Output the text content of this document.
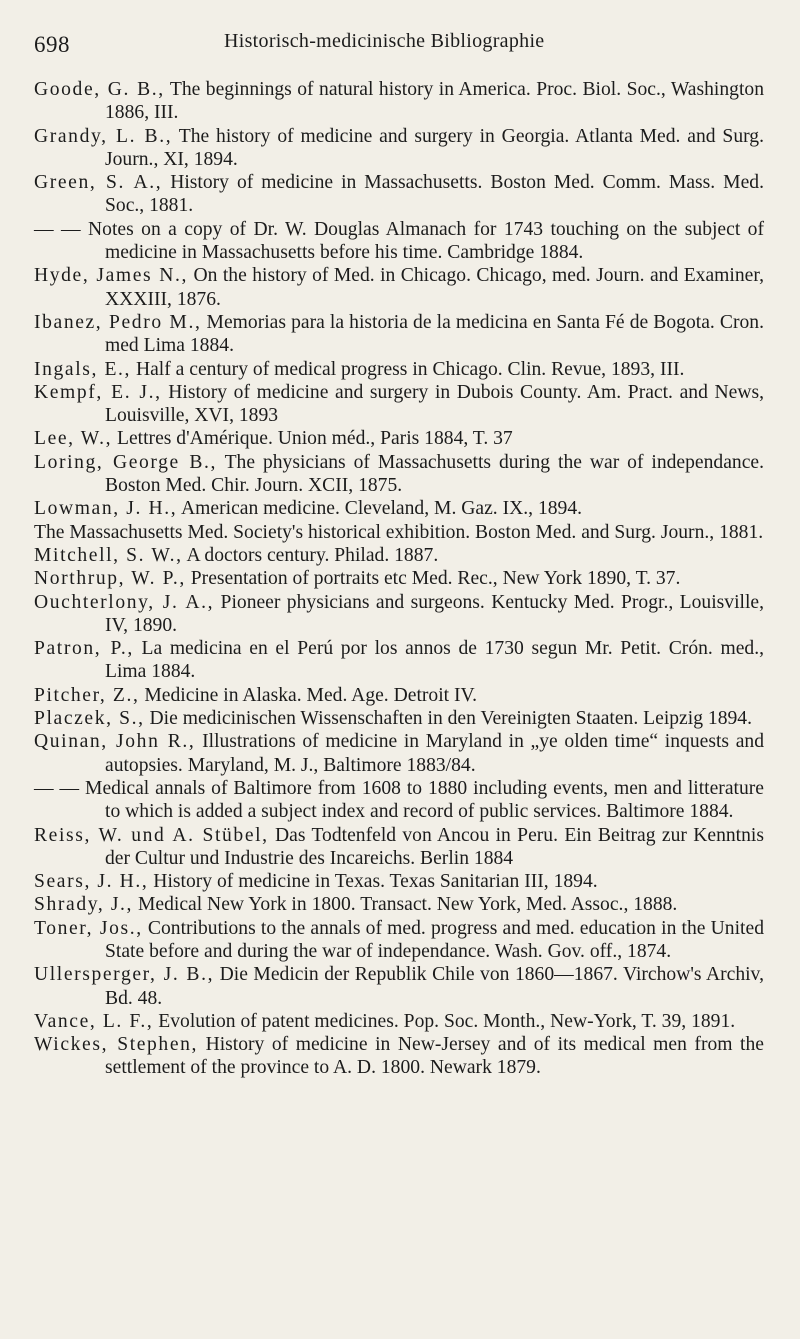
698	Historisch-medicinische Bibliographie

Goode, G. B., The beginnings of natural history in America. Proc. Biol. Soc., Washington 1886, III.

Grandy, L. B., The history of medicine and surgery in Georgia. Atlanta Med. and Surg. Journ., XI, 1894.

Green, S. A., History of medicine in Massachusetts. Boston Med. Comm. Mass. Med. Soc., 1881.

— — Notes on a copy of Dr. W. Douglas Almanach for 1743 touching on the subject of medicine in Massachusetts before his time. Cambridge 1884.

Hyde, James N., On the history of Med. in Chicago. Chicago, med. Journ. and Examiner, XXXIII, 1876.

Ibanez, Pedro M., Memorias para la historia de la medicina en Santa Fé de Bogota. Cron. med Lima 1884.

Ingals, E., Half a century of medical progress in Chicago. Clin. Revue, 1893, III.

Kempf, E. J., History of medicine and surgery in Dubois County. Am. Pract. and News, Louisville, XVI, 1893

Lee, W., Lettres d'Amérique. Union méd., Paris 1884, T. 37

Loring, George B., The physicians of Massachusetts during the war of independance. Boston Med. Chir. Journ. XCII, 1875.

Lowman, J. H., American medicine. Cleveland, M. Gaz. IX., 1894.

The Massachusetts Med. Society's historical exhibition. Boston Med. and Surg. Journ., 1881.

Mitchell, S. W., A doctors century. Philad. 1887.

Northrup, W. P., Presentation of portraits etc Med. Rec., New York 1890, T. 37.

Ouchterlony, J. A., Pioneer physicians and surgeons. Kentucky Med. Progr., Louisville, IV, 1890.

Patron, P., La medicina en el Perú por los annos de 1730 segun Mr. Petit. Crón. med., Lima 1884.

Pitcher, Z., Medicine in Alaska. Med. Age. Detroit IV.

Placzek, S., Die medicinischen Wissenschaften in den Vereinigten Staaten. Leipzig 1894.

Quinan, John R., Illustrations of medicine in Maryland in „ye olden time“ inquests and autopsies. Maryland, M. J., Baltimore 1883/84.

— — Medical annals of Baltimore from 1608 to 1880 including events, men and litterature to which is added a subject index and record of public services. Baltimore 1884.

Reiss, W. und A. Stübel, Das Todtenfeld von Ancou in Peru. Ein Beitrag zur Kenntnis der Cultur und Industrie des Incareichs. Berlin 1884

Sears, J. H., History of medicine in Texas. Texas Sanitarian III, 1894.

Shrady, J., Medical New York in 1800. Transact. New York, Med. Assoc., 1888.

Toner, Jos., Contributions to the annals of med. progress and med. education in the United State before and during the war of independance. Wash. Gov. off., 1874.

Ullersperger, J. B., Die Medicin der Republik Chile von 1860—1867. Virchow's Archiv, Bd. 48.

Vance, L. F., Evolution of patent medicines. Pop. Soc. Month., New-York, T. 39, 1891.

Wickes, Stephen, History of medicine in New-Jersey and of its medical men from the settlement of the province to A. D. 1800. Newark 1879.
